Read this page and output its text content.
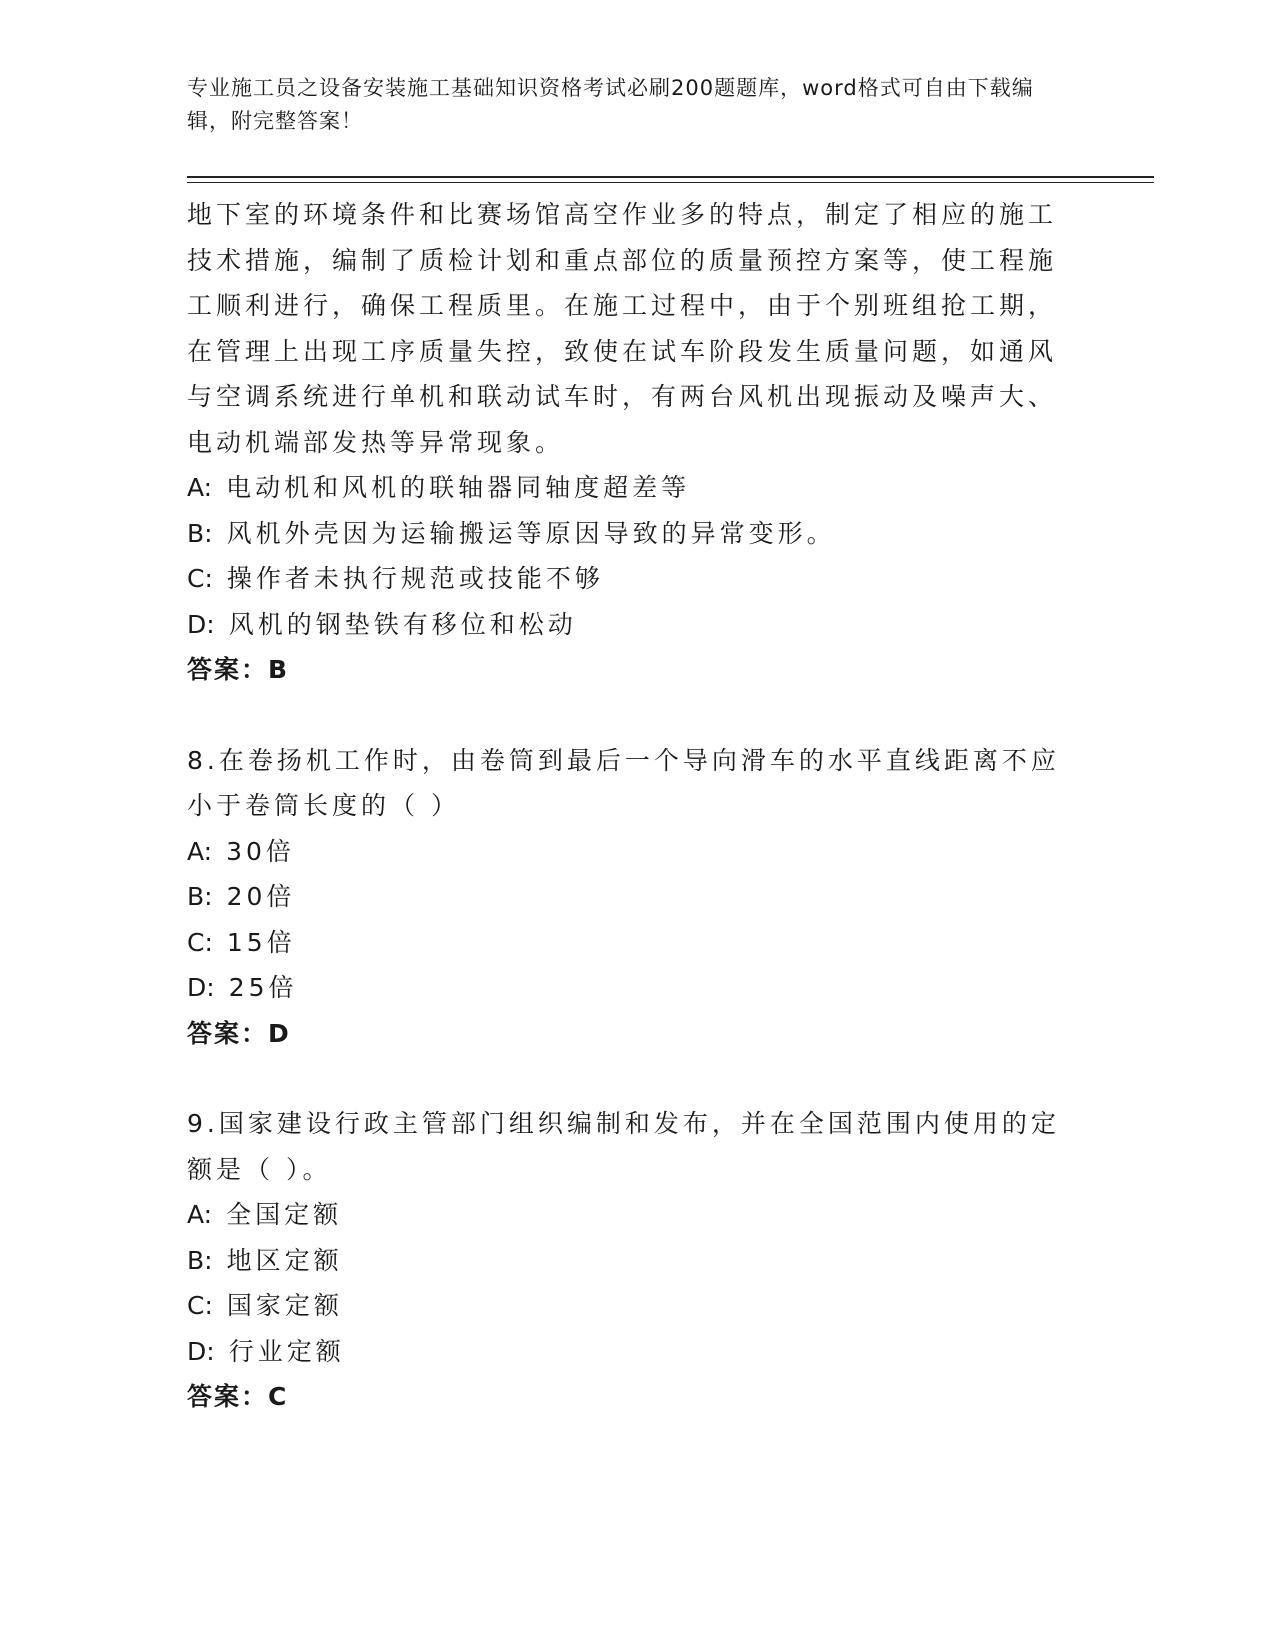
专业施工员之设备安装施工基础知识资格考试必刷200题题库，word格式可自由下载编辑，附完整答案！
地下室的环境条件和比赛场馆高空作业多的特点，制定了相应的施工技术措施，编制了质检计划和重点部位的质量预控方案等，使工程施工顺利进行，确保工程质里。在施工过程中，由于个别班组抢工期，在管理上出现工序质量失控，致使在试车阶段发生质量问题，如通风与空调系统进行单机和联动试车时，有两台风机出现振动及噪声大、电动机端部发热等异常现象。
A: 电动机和风机的联轴器同轴度超差等
B: 风机外壳因为运输搬运等原因导致的异常变形。
C: 操作者未执行规范或技能不够
D: 风机的钢垫铁有移位和松动
答案：B
8.在卷扬机工作时，由卷筒到最后一个导向滑车的水平直线距离不应小于卷筒长度的（ ）
A: 30倍
B: 20倍
C: 15倍
D: 25倍
答案：D
9.国家建设行政主管部门组织编制和发布，并在全国范围内使用的定额是（ ）。
A: 全国定额
B: 地区定额
C: 国家定额
D: 行业定额
答案：C
